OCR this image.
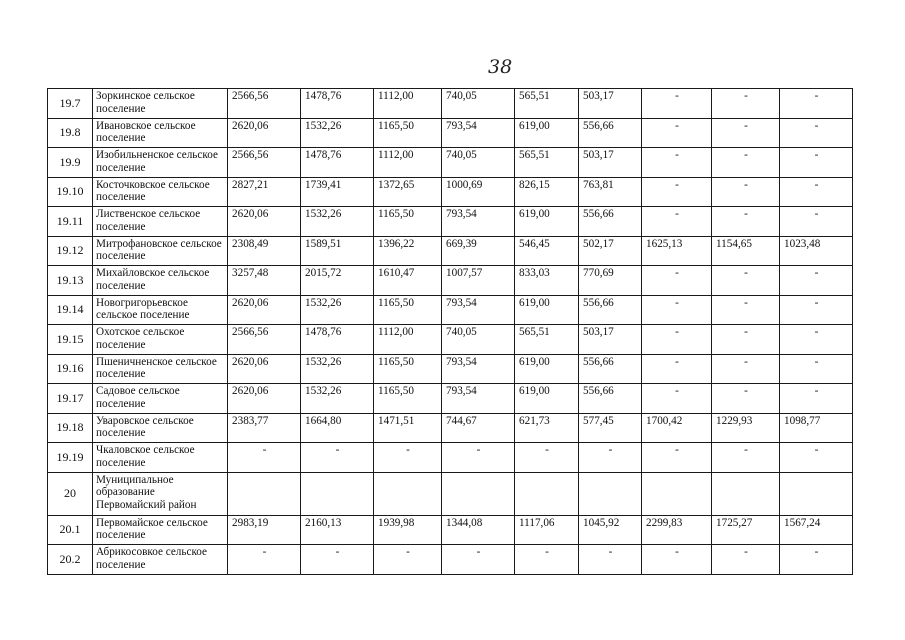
38
19.7	Зоркинское сельское поселение	2566,56	1478,76	1112,00	740,05	565,51	503,17	-	-	-
19.8	Ивановское сельское поселение	2620,06	1532,26	1165,50	793,54	619,00	556,66	-	-	-
19.9	Изобильненское сельское поселение	2566,56	1478,76	1112,00	740,05	565,51	503,17	-	-	-
19.10	Косточковское сельское поселение	2827,21	1739,41	1372,65	1000,69	826,15	763,81	-	-	-
19.11	Лиственское сельское поселение	2620,06	1532,26	1165,50	793,54	619,00	556,66	-	-	-
19.12	Митрофановское сельское поселение	2308,49	1589,51	1396,22	669,39	546,45	502,17	1625,13	1154,65	1023,48
19.13	Михайловское сельское поселение	3257,48	2015,72	1610,47	1007,57	833,03	770,69	-	-	-
19.14	Новогригорьевское сельское поселение	2620,06	1532,26	1165,50	793,54	619,00	556,66	-	-	-
19.15	Охотское сельское поселение	2566,56	1478,76	1112,00	740,05	565,51	503,17	-	-	-
19.16	Пшеничненское сельское поселение	2620,06	1532,26	1165,50	793,54	619,00	556,66	-	-	-
19.17	Садовое сельское поселение	2620,06	1532,26	1165,50	793,54	619,00	556,66	-	-	-
19.18	Уваровское сельское поселение	2383,77	1664,80	1471,51	744,67	621,73	577,45	1700,42	1229,93	1098,77
19.19	Чкаловское сельское поселение	-	-	-	-	-	-	-	-	-
20	Муниципальное образование Первомайский район									
20.1	Первомайское сельское поселение	2983,19	2160,13	1939,98	1344,08	1117,06	1045,92	2299,83	1725,27	1567,24
20.2	Абрикосовкое сельское поселение	-	-	-	-	-	-	-	-	-
